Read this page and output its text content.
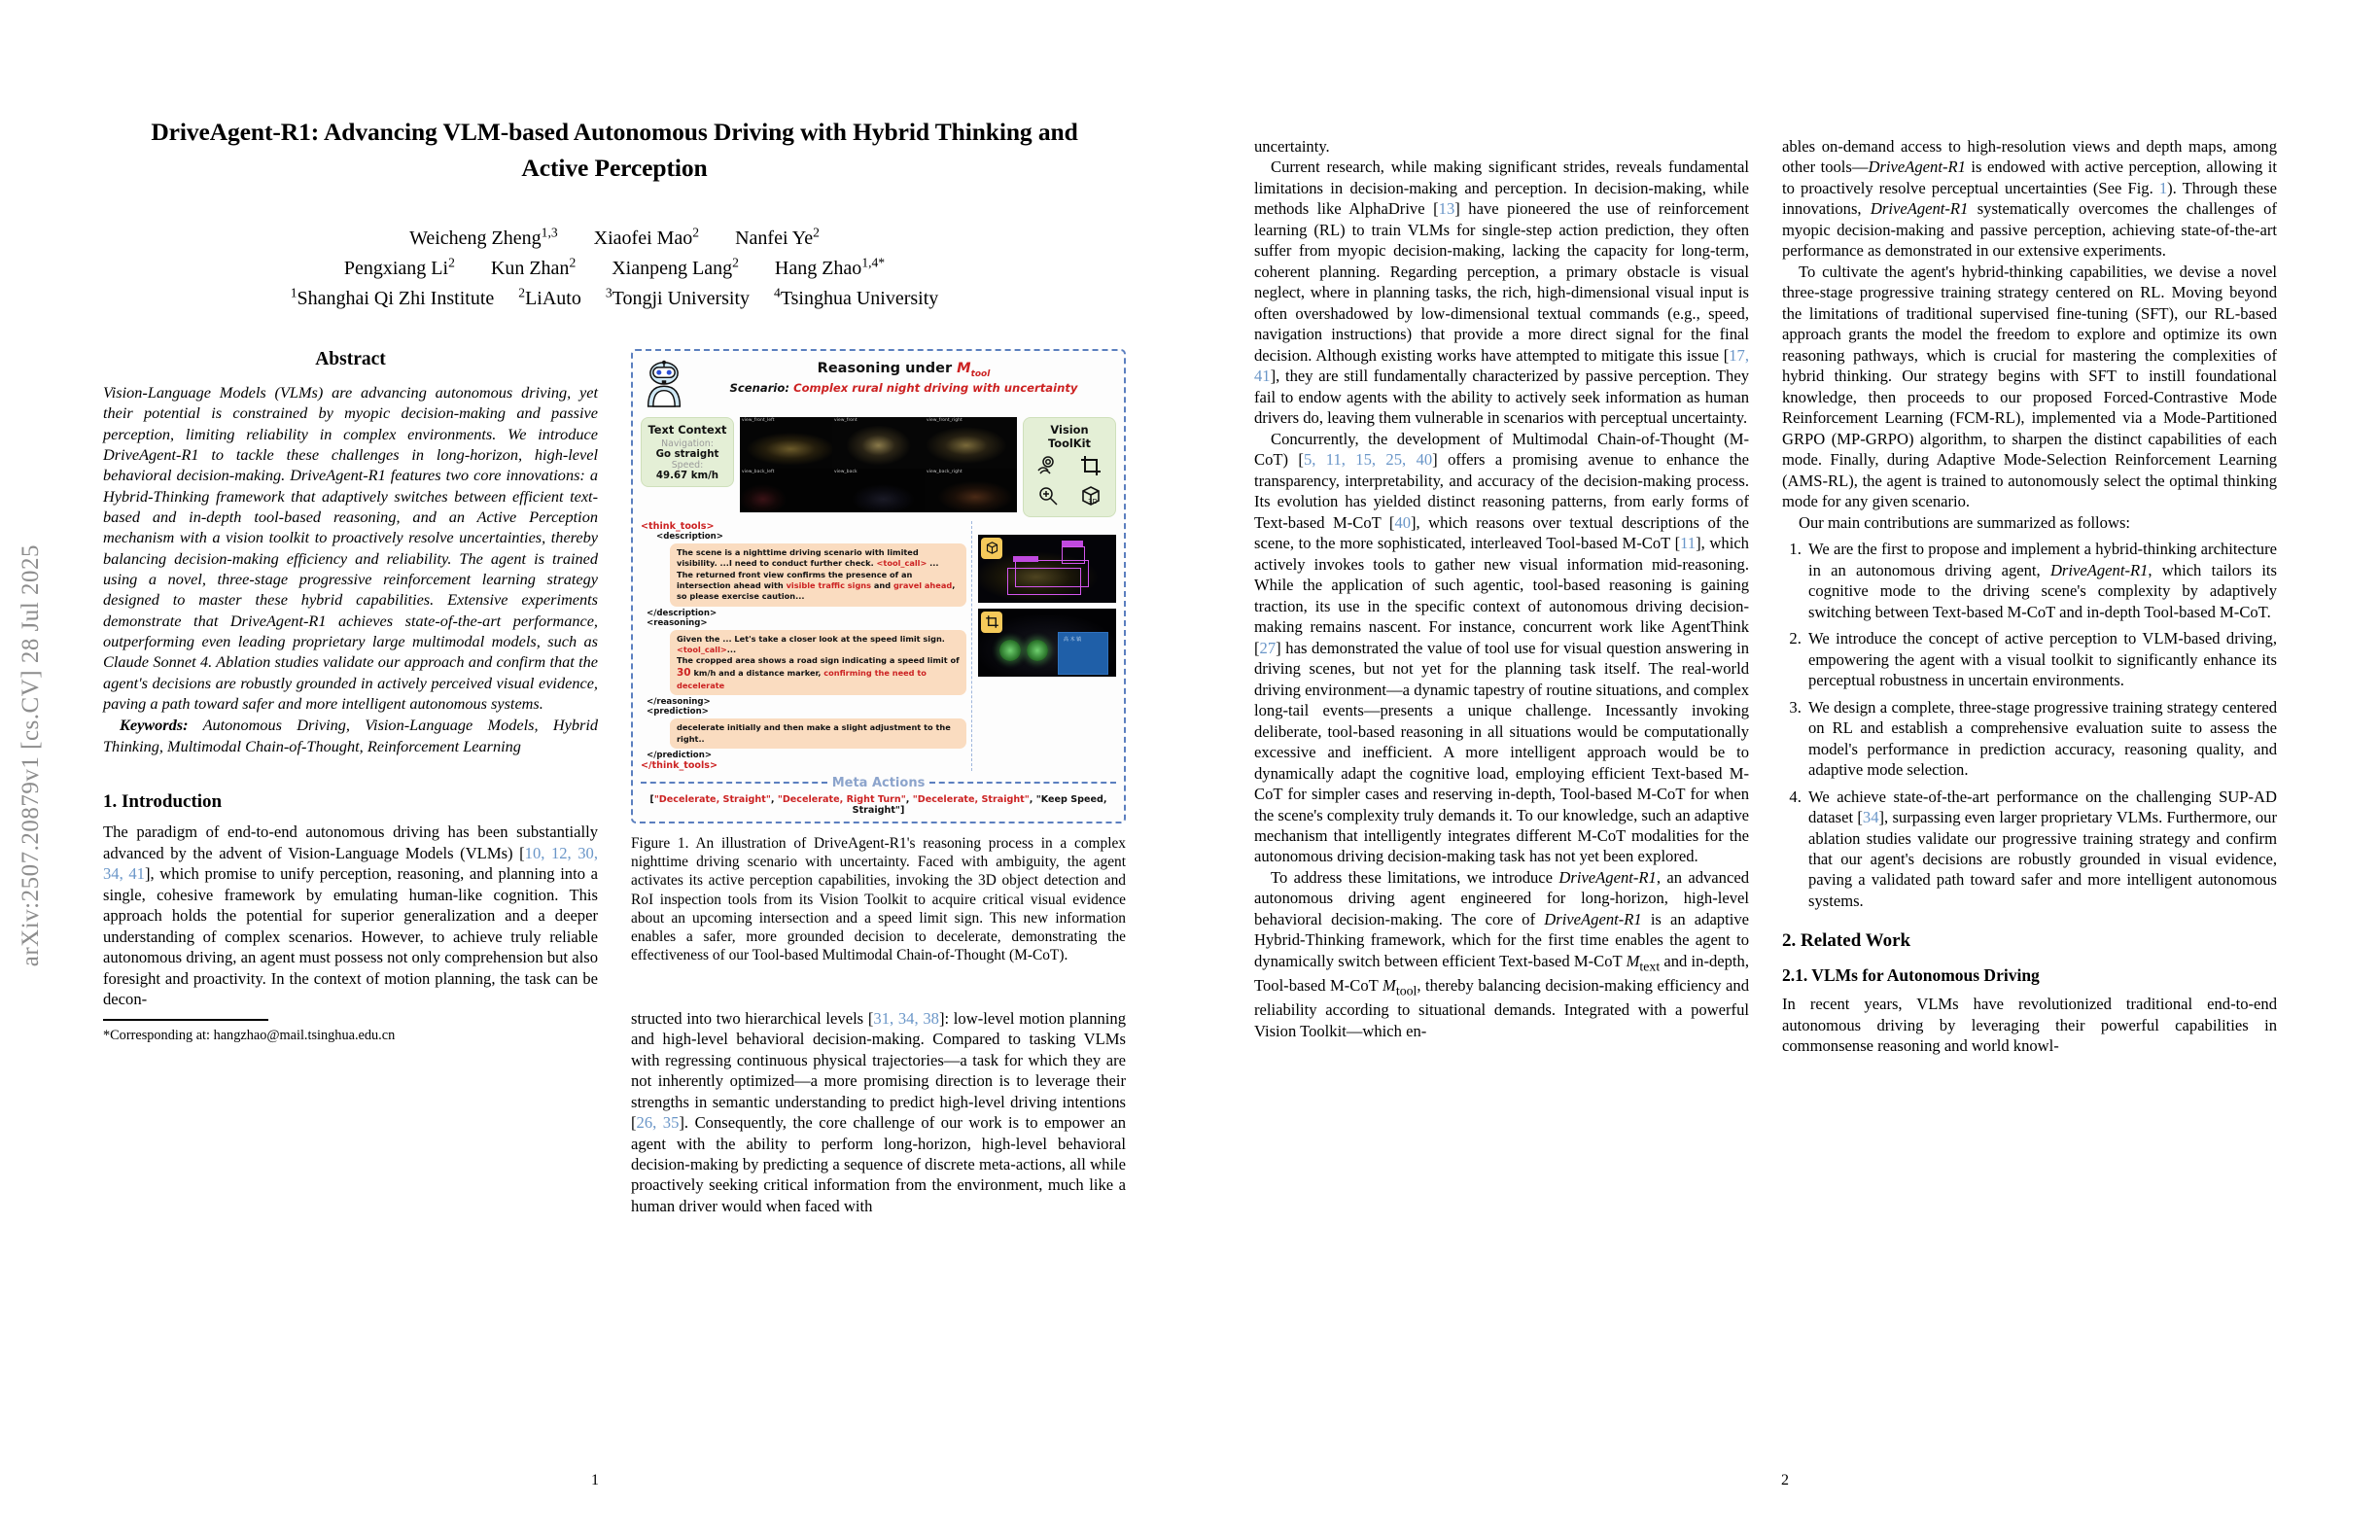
arXiv:2507.20879v1 [cs.CV] 28 Jul 2025
DriveAgent-R1: Advancing VLM-based Autonomous Driving with Hybrid Thinking and Active Perception
Weicheng Zheng$^{1,3}$ Xiaofei Mao$^2$ Nanfei Ye$^2$
Pengxiang Li$^2$ Kun Zhan$^2$ Xianpeng Lang$^2$ Hang Zhao$^{1,4*}$
$^1$Shanghai Qi Zhi Institute $^2$LiAuto $^3$Tongji University $^4$Tsinghua University
Abstract

Vision-Language Models (VLMs) are advancing autonomous driving, yet their potential is constrained by myopic decision-making and passive perception, limiting reliability in complex environments. We introduce DriveAgent-R1 to tackle these challenges in long-horizon, high-level behavioral decision-making. DriveAgent-R1 features two core innovations: a Hybrid-Thinking framework that adaptively switches between efficient text-based and in-depth tool-based reasoning, and an Active Perception mechanism with a vision toolkit to proactively resolve uncertainties, thereby balancing decision-making efficiency and reliability. The agent is trained using a novel, three-stage progressive reinforcement learning strategy designed to master these hybrid capabilities. Extensive experiments demonstrate that DriveAgent-R1 achieves state-of-the-art performance, outperforming even leading proprietary large multimodal models, such as Claude Sonnet 4. Ablation studies validate our approach and confirm that the agent's decisions are robustly grounded in actively perceived visual evidence, paving a path toward safer and more intelligent autonomous systems.

Keywords: Autonomous Driving, Vision-Language Models, Hybrid Thinking, Multimodal Chain-of-Thought, Reinforcement Learning

1. Introduction

The paradigm of end-to-end autonomous driving has been substantially advanced by the advent of Vision-Language Models (VLMs) [10, 12, 30, 34, 41], which promise to unify perception, reasoning, and planning into a single, cohesive framework by emulating human-like cognition. This approach holds the potential for superior generalization and a deeper understanding of complex scenarios. However, to achieve truly reliable autonomous driving, an agent must possess not only comprehension but also foresight and proactivity. In the context of motion planning, the task can be decon-

*Corresponding at: hangzhao@mail.tsinghua.edu.cn
Reasoning under $M_{tool}$
Scenario: Complex rural night driving with uncertainty
Text Context
Navigation:
Go straight
Speed:
49.67 km/h
view_front_left	view_front	view_front_right
view_back_left	view_back	view_back_right
Vision ToolKit
3D
<think_tools>
<description>
The scene is a nighttime driving scenario with limited visibility. ...I need to conduct further check. <tool_call> ...
The returned front view confirms the presence of an intersection ahead with visible traffic signs and gravel ahead, so please exercise caution...
</description>
<reasoning>
Given the ... Let's take a closer look at the speed limit sign.
<tool_call>...
The cropped area shows a road sign indicating a speed limit of 30 km/h and a distance marker, confirming the need to decelerate
</reasoning>
<prediction>
decelerate initially and then make a slight adjustment to the right..
</prediction>
</think_tools>
高 木 镇
Meta Actions
["Decelerate, Straight", "Decelerate, Right Turn", "Decelerate, Straight", "Keep Speed, Straight"]
Figure 1. An illustration of DriveAgent-R1's reasoning process in a complex nighttime driving scenario with uncertainty. Faced with ambiguity, the agent activates its active perception capabilities, invoking the 3D object detection and RoI inspection tools from its Vision Toolkit to acquire critical visual evidence about an upcoming intersection and a speed limit sign. This new information enables a safer, more grounded decision to decelerate, demonstrating the effectiveness of our Tool-based Multimodal Chain-of-Thought (M-CoT).

structed into two hierarchical levels [31, 34, 38]: low-level motion planning and high-level behavioral decision-making. Compared to tasking VLMs with regressing continuous physical trajectories—a task for which they are not inherently optimized—a more promising direction is to leverage their strengths in semantic understanding to predict high-level driving intentions [26, 35]. Consequently, the core challenge of our work is to empower an agent with the ability to perform long-horizon, high-level behavioral decision-making by predicting a sequence of discrete meta-actions, all while proactively seeking critical information from the environment, much like a human driver would when faced with

1

uncertainty.

Current research, while making significant strides, reveals fundamental limitations in decision-making and perception. In decision-making, while methods like AlphaDrive [13] have pioneered the use of reinforcement learning (RL) to train VLMs for single-step action prediction, they often suffer from myopic decision-making, lacking the capacity for long-term, coherent planning. Regarding perception, a primary obstacle is visual neglect, where in planning tasks, the rich, high-dimensional visual input is often overshadowed by low-dimensional textual commands (e.g., speed, navigation instructions) that provide a more direct signal for the final decision. Although existing works have attempted to mitigate this issue [17, 41], they are still fundamentally characterized by passive perception. They fail to endow agents with the ability to actively seek information as human drivers do, leaving them vulnerable in scenarios with perceptual uncertainty.

Concurrently, the development of Multimodal Chain-of-Thought (M-CoT) [5, 11, 15, 25, 40] offers a promising avenue to enhance the transparency, interpretability, and accuracy of the decision-making process. Its evolution has yielded distinct reasoning patterns, from early forms of Text-based M-CoT [40], which reasons over textual descriptions of the scene, to the more sophisticated, interleaved Tool-based M-CoT [11], which actively invokes tools to gather new visual information mid-reasoning. While the application of such agentic, tool-based reasoning is gaining traction, its use in the specific context of autonomous driving decision-making remains nascent. For instance, concurrent work like AgentThink [27] has demonstrated the value of tool use for visual question answering in driving scenes, but not yet for the planning task itself. The real-world driving environment—a dynamic tapestry of routine situations, and complex long-tail events—presents a unique challenge. Incessantly invoking deliberate, tool-based reasoning in all situations would be computationally excessive and inefficient. A more intelligent approach would be to dynamically adapt the cognitive load, employing efficient Text-based M-CoT for simpler cases and reserving in-depth, Tool-based M-CoT for when the scene's complexity truly demands it. To our knowledge, such an adaptive mechanism that intelligently integrates different M-CoT modalities for the autonomous driving decision-making task has not yet been explored.

To address these limitations, we introduce DriveAgent-R1, an advanced autonomous driving agent engineered for long-horizon, high-level behavioral decision-making. The core of DriveAgent-R1 is an adaptive Hybrid-Thinking framework, which for the first time enables the agent to dynamically switch between efficient Text-based M-CoT $M_{text}$ and in-depth, Tool-based M-CoT $M_{tool}$, thereby balancing decision-making efficiency and reliability according to situational demands. Integrated with a powerful Vision Toolkit—which en-

ables on-demand access to high-resolution views and depth maps, among other tools—DriveAgent-R1 is endowed with active perception, allowing it to proactively resolve perceptual uncertainties (See Fig. 1). Through these innovations, DriveAgent-R1 systematically overcomes the challenges of myopic decision-making and passive perception, achieving state-of-the-art performance as demonstrated in our extensive experiments.

To cultivate the agent's hybrid-thinking capabilities, we devise a novel three-stage progressive training strategy centered on RL. Moving beyond the limitations of traditional supervised fine-tuning (SFT), our RL-based approach grants the model the freedom to explore and optimize its own reasoning pathways, which is crucial for mastering the complexities of hybrid thinking. Our strategy begins with SFT to instill foundational knowledge, then proceeds to our proposed Forced-Contrastive Mode Reinforcement Learning (FCM-RL), implemented via a Mode-Partitioned GRPO (MP-GRPO) algorithm, to sharpen the distinct capabilities of each mode. Finally, during Adaptive Mode-Selection Reinforcement Learning (AMS-RL), the agent is trained to autonomously select the optimal thinking mode for any given scenario.

Our main contributions are summarized as follows:

1. We are the first to propose and implement a hybrid-thinking architecture in an autonomous driving agent, DriveAgent-R1, which tailors its cognitive mode to the driving scene's complexity by adaptively switching between Text-based M-CoT and in-depth Tool-based M-CoT.
2. We introduce the concept of active perception to VLM-based driving, empowering the agent with a visual toolkit to significantly enhance its perceptual robustness in uncertain environments.
3. We design a complete, three-stage progressive training strategy centered on RL and establish a comprehensive evaluation suite to assess the model's performance in prediction accuracy, reasoning quality, and adaptive mode selection.
4. We achieve state-of-the-art performance on the challenging SUP-AD dataset [34], surpassing even larger proprietary VLMs. Furthermore, our ablation studies validate our progressive training strategy and confirm that our agent's decisions are robustly grounded in visual evidence, paving a validated path toward safer and more intelligent autonomous systems.
2. Related Work
2.1. VLMs for Autonomous Driving

In recent years, VLMs have revolutionized traditional end-to-end autonomous driving by leveraging their powerful capabilities in commonsense reasoning and world knowl-

2
